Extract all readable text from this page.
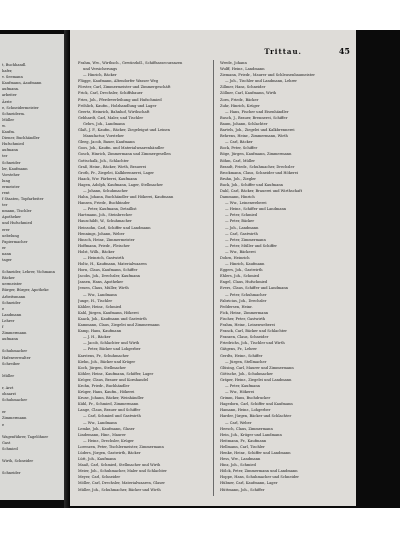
t, Buchhandl.
hafer,
v. Seemann
Kaufmann, Aaufmann
aufmann.
arbeiter
Ärzte
e, Schneidermeister
Schneiderm.
Müller
w.
Kaufm.
Diener, Buchhändler
Hufschmied
aufmann
ter
Schneider
ler, Kaufmann
Vorsteher
lung
ermeister
rent
f Staaten, Topfarbeiter
ter
nmann, Tischler
Apotheker
und Hufschmied
erer
uebelung
Papiermacher
er
nann
tager
Schneider, Lehrer, Vichmann
Bäcker
uermeister
Bürger, Bürger, Apotheke
Arbeitsmann
Schneider
e
Landmann
Lehrer
f
Zimmermann
aufmann
Schuhmacher
Hafenverwalter
Schreiber
Müller
r, Arzt
ohnarzt
Schuhmacher
er
Zimmermann
e
Wagenführer, Tagelöhner
Gast
Schmied
Wirth, Schneider
Schneider
Trittau.	45
Frahm, Ww., Wirthsch., Gewürzhdl., Schiffsassecuranzen
und Versicherungs
— Hinrich, Bäcker
Flügge, Kaufmann, Altendorfer Wasser Weg
Förster, Carl, Zimmermeister und Zimmergeschäft
Frick, Carl, Drechsler, Schiffsbauer
Fries, Joh., Pferdeverleihung und Hufschmied
Fröhlich, Kaufm., Holzhandlung und Lager
Geertz, Heinrich, Bahnhof, Wirthschaft
Gebhardt, Carl, Maler, und Tischler
Gehrs, Joh., Landmann
Glaß, J. F., Kaufm., Bäcker, Ziegeleigut und Leinen
Manufactur, Vorsteher
Gleeg, Jacob, Bauer, Kaufmann
Goos, Joh., Kaufm. und Materialwaarenhändler
Gosch, Hinrich, Zimmermann und Zimmergesellen
Gottschalk, Joh., Schlachter
Graß, Heinr., Bäcker, Wirth, Brauerei
Groth, Fr., Ziegelei, Kalkbrennerei, Lager
Haack, Ww. Färberei, Kaufmann
Hagen, Adolph, Kaufmann, Lager, Stellmacher
— Johann, Schuhmacher
Hahn, Johann, Buchhändler und Hökerei, Kaufmann
Hansen, Friedr., Buchbinder
— Peter, Kaufmann, Detaillist
Hartmann, Joh., Steinbrecher
Hauschildt, W., Schuhmacher
Heinsohn, Carl, Schiffer und Landmann
Hennings, Johann, Weber
Hinsch, Heinr., Zimmermeister
Hoffmann, Friedr., Fleischer
Holst, Wilh., Bäcker
— Heinrich, Gastwirth
Holtz, H., Kaufmann, Materialwaaren
Horn, Claus, Kaufmann, Schiffer
Jacobs, Joh., Drechsler, Kaufmann
Jansen, Hans, Apotheker
Jessen, Claus, Müller, Wirth
— Ww., Landmann
Junge, H., Tischler
Kähler, Heinr., Schmied
Kahl, Jürgen, Kaufmann, Hökerei
Kaack, Joh., Kaufmann und Gastwirth
Kammann, Claus, Ziegelei und Zimmermann
Kamp, Hans, Kaufmann
— J. H., Bäcker
— Jacob, Schlachter und Wirth
— Peter, Bäcker und Lohgerber
Karstens, Fr., Schuhmacher
Kiehn, Joh., Bäcker und Krüger
Koch, Jürgen, Stellmacher
Köhler, Heinr., Kaufmann, Schiffer, Lager
Kröger, Claus, Brauer und Kornhandel
Krohn, Friedr., Buchhändler
Krüger, Hans, Kaufm., Hökerei
Kruse, Johann, Bäcker, Weinhändler
Kühl, Fr., Schmied, Zimmermann
Lange, Claus, Brauer und Schiffer
— Carl, Schmied und Gastwirth
— Ww., Landmann
Lemke, Joh., Kaufmann, Glaser
Lindemann, Hinr., Maurer
— Heinr., Drechsler, Krüger
Lorenzen, Peter, Tischlermeister, Zimmermann
Lüders, Jürgen, Gastwirth, Bäcker
Lütt, Joh., Kaufmann
Maaß, Carl, Schmied, Stellmacher und Wirth
Meier, Joh., Schuhmacher, Maler und Schlachter
Meyer, Carl, Schneider
Möller, Carl, Drechsler, Materialwaaren, Glaser
Müller, Joh., Schuhmacher, Bäcker und Wirth
Wrede, Johann
Wulff, Heinr., Landmann
Ziemann, Friedr., Maurer und Schleusenbaumeister
— Joh., Tischler und Landmann, Lehrer
Zillmer, Hans, Schneider
Zöllner, Carl, Kaufmann, Wirth
Zorn, Friedr., Bäcker
Zuhr, Hinrich, Krüger
— Hans, Fischer und Eisenhändler
Busch, J., Brauer, Brennerei, Schiffer
Baum, Johann, Schlachter
Bartels, Joh., Ziegelei und Kalkbrennerei
Behrens, Heinr., Zimmermann, Wirth
— Carl, Bäcker
Bock, Peter, Schiffer
Böge, Jürgen, Kaufmann, Zimmermann
Böhm, Carl, Müller
Brandt, Friedr., Schuhmacher, Drechsler
Brockmann, Claus, Schneider und Hökerei
Bruhn, Joh., Ziegler
Buck, Joh., Schiffer und Kaufmann
Dahl, Carl, Bäcker, Brauerei und Wirthschaft
Dammann, Hinrich
— Ww., Leinenweberei
— Heinr., Schiffer und Landmann
— Peter, Schmied
— Peter, Bäcker
— Joh., Landmann
— Carl, Gastwirth
— Peter, Zimmermann
— Peter, Müller und Schiffer
— Ww., Bäckerei
Dohrn, Heinrich
— Hinrich, Kaufmann
Eggers, Joh., Gastwirth
Ehlers, Joh., Schmied
Engel, Claus, Hufschmied
Evers, Claus, Schiffer und Landmann
— Peter, Schuhmacher
Fabricius, Joh., Drechsler
Feddersen, Heinr.
Fick, Heinr., Zimmermann
Fischer, Peter, Gastwirth
Frahm, Heinr., Leinenweberei
Franck, Carl, Bäcker und Schlachter
Franzen, Claus, Schneider
Friedrichs, Joh., Tischler und Wirth
Gätgens, Fr., Lehrer
Gerdts, Heinr., Schiffer
— Jürgen, Stellmacher
Glüsing, Carl, Maurer und Zimmermann
Göttsche, Joh., Schuhmacher
Gräper, Heinr., Ziegelei und Landmann
— Peter, Kaufmann
— Ww., Hökerei
Grimm, Hans, Buchdrucker
Hagedorn, Carl, Schiffer und Kaufmann
Hamann, Heinr., Lohgerber
Harder, Jürgen, Bäcker und Schlachter
— Carl, Weber
Heesch, Claus, Zimmermann
Hein, Joh., Krüger und Landmann
Heitmann, Fr., Kaufmann
Hellmann, Carl, Tischler
Henke, Heinr., Schiffer und Landmann
Hess, Ww., Landmann
Hinz, Joh., Schmied
Hölck, Peter, Zimmermann und Landmann
Hoppe, Hans, Schuhmacher und Schneider
Hübner, Carl, Kaufmann, Lager
Hüttmann, Joh., Schiffer
